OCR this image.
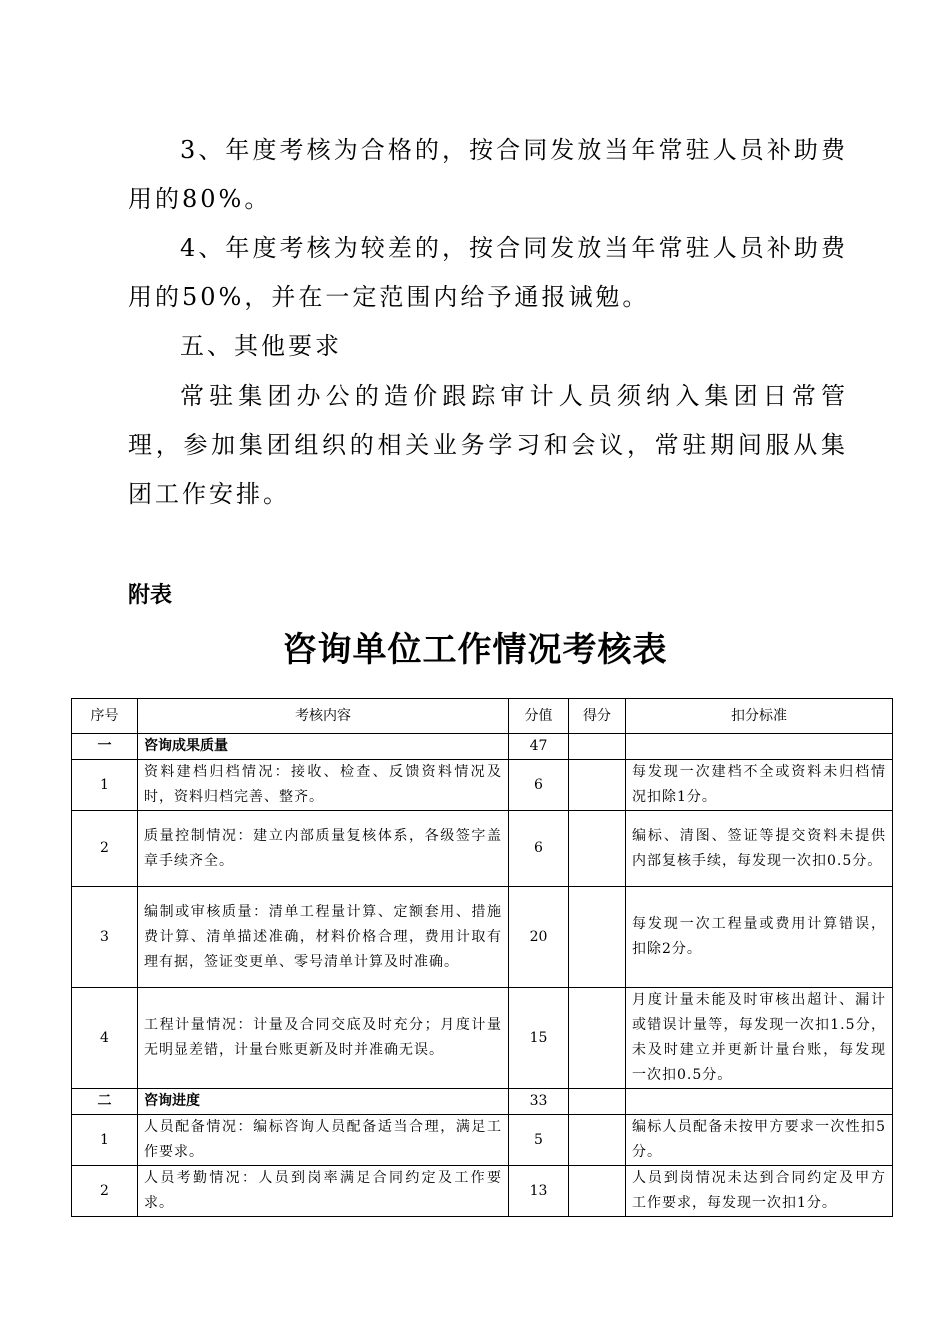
3、年度考核为合格的，按合同发放当年常驻人员补助费用的80%。

4、年度考核为较差的，按合同发放当年常驻人员补助费用的50%，并在一定范围内给予通报诫勉。

五、其他要求

常驻集团办公的造价跟踪审计人员须纳入集团日常管理，参加集团组织的相关业务学习和会议，常驻期间服从集团工作安排。

附表

咨询单位工作情况考核表
序号	考核内容	分值	得分	扣分标准
一	咨询成果质量	47		
1	资料建档归档情况：接收、检查、反馈资料情况及时，资料归档完善、整齐。	6		每发现一次建档不全或资料未归档情况扣除1分。
2	质量控制情况：建立内部质量复核体系，各级签字盖章手续齐全。	6		编标、清图、签证等提交资料未提供内部复核手续，每发现一次扣0.5分。
3	编制或审核质量：清单工程量计算、定额套用、措施费计算、清单描述准确，材料价格合理，费用计取有理有据，签证变更单、零号清单计算及时准确。	20		每发现一次工程量或费用计算错误，扣除2分。
4	工程计量情况：计量及合同交底及时充分；月度计量无明显差错，计量台账更新及时并准确无误。	15		月度计量未能及时审核出超计、漏计或错误计量等，每发现一次扣1.5分，未及时建立并更新计量台账，每发现一次扣0.5分。
二	咨询进度	33		
1	人员配备情况：编标咨询人员配备适当合理，满足工作要求。	5		编标人员配备未按甲方要求一次性扣5分。
2	人员考勤情况：人员到岗率满足合同约定及工作要求。	13		人员到岗情况未达到合同约定及甲方工作要求，每发现一次扣1分。
